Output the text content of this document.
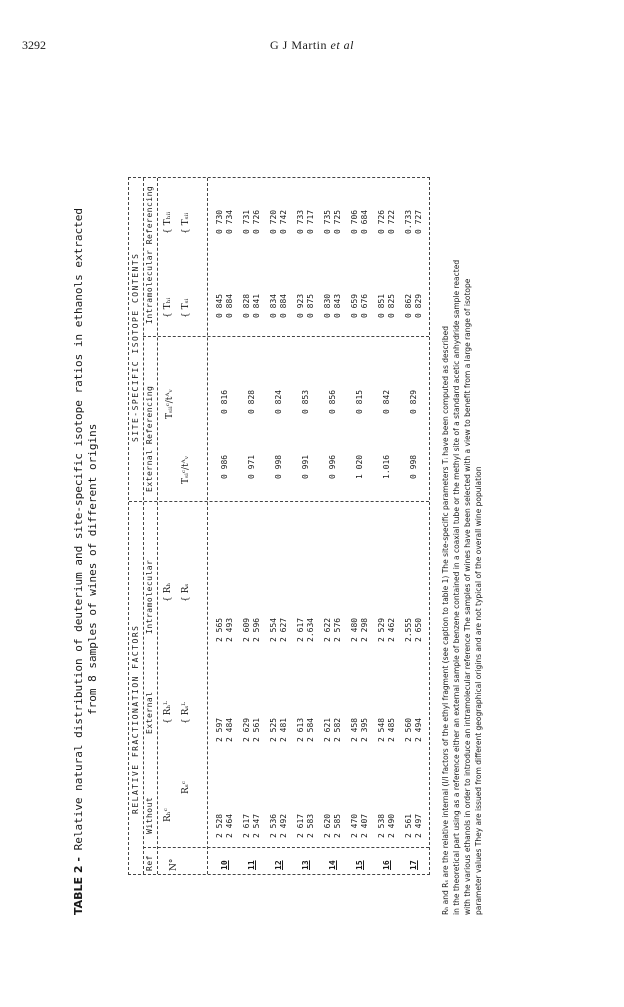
3292	G J Martin et al
TABLE 2 - Relative natural distribution of deuterium and site-specific isotope ratios in ethanols extracted from 8 samples of wines of different origins
RELATIVE FRACTIONATION FACTORS
SITE-SPECIFIC ISOTOPE CONTENTS
Ref
Without
External
Intramolecular
External Referencing
Intramolecular Referencing
N°
Rₕᶜ
Rₛᶜ
{ Rₕᴸ { Rₛᴸ
{ Rₕ { Rₛ
Tₛᵢᶜ/tᴬᵥ
Tₛᵢᵢᶜ/tᴬᵥ
{ Tₕᵢ { Tₛᵢ
{ Tₕᵢᵢ { Tₛᵢᵢ
10
2 528 2 464
2 597 2 484
2 565 2 493
0 986
0 816
0 845 0 884
0 730 0 734
11
2 617 2 547
2 629 2 561
2 609 2 596
0 971
0 828
0 828 0 841
0 731 0 726
12
2 536 2 492
2 525 2 481
2 554 2 627
0 998
0 824
0 834 0 884
0 720 0 742
13
2 617 2 583
2 613 2 584
2 617 2.634
0 991
0 853
0 923 0 875
0 733 0 717
14
2 620 2 585
2 621 2 582
2 622 2 576
0 996
0 856
0 830 0 843
0 735 0 725
15
2 470 2 407
2 458 2 395
2 480 2 298
1 020
0 815
0 659 0 676
0 706 0 684
16
2 538 2 490
2 548 2 485
2 529 2 462
1.016
0 842
0 851 0 825
0 726 0 722
17
2 561 2 497
2 560 2 494
2.555 2 650
0 998
0 829
0 862 0 829
0.733 0 727
Rₕ and Rₛ are the relative internal (I/I factors of the ethyl fragment (see caption to table 1) The site-specific parameters Tᵢ have been computed as described in the theoretical part using as a reference either an external sample of benzene contained in a coaxial tube or the methyl site of a standard acetic anhydride sample reacted with the various ethanols in order to introduce an intramolecular reference The samples of wines have been selected with a view to benefit from a large range of isotope parameter values They are issued from different geographical origins and are not typical of the overall wine population
